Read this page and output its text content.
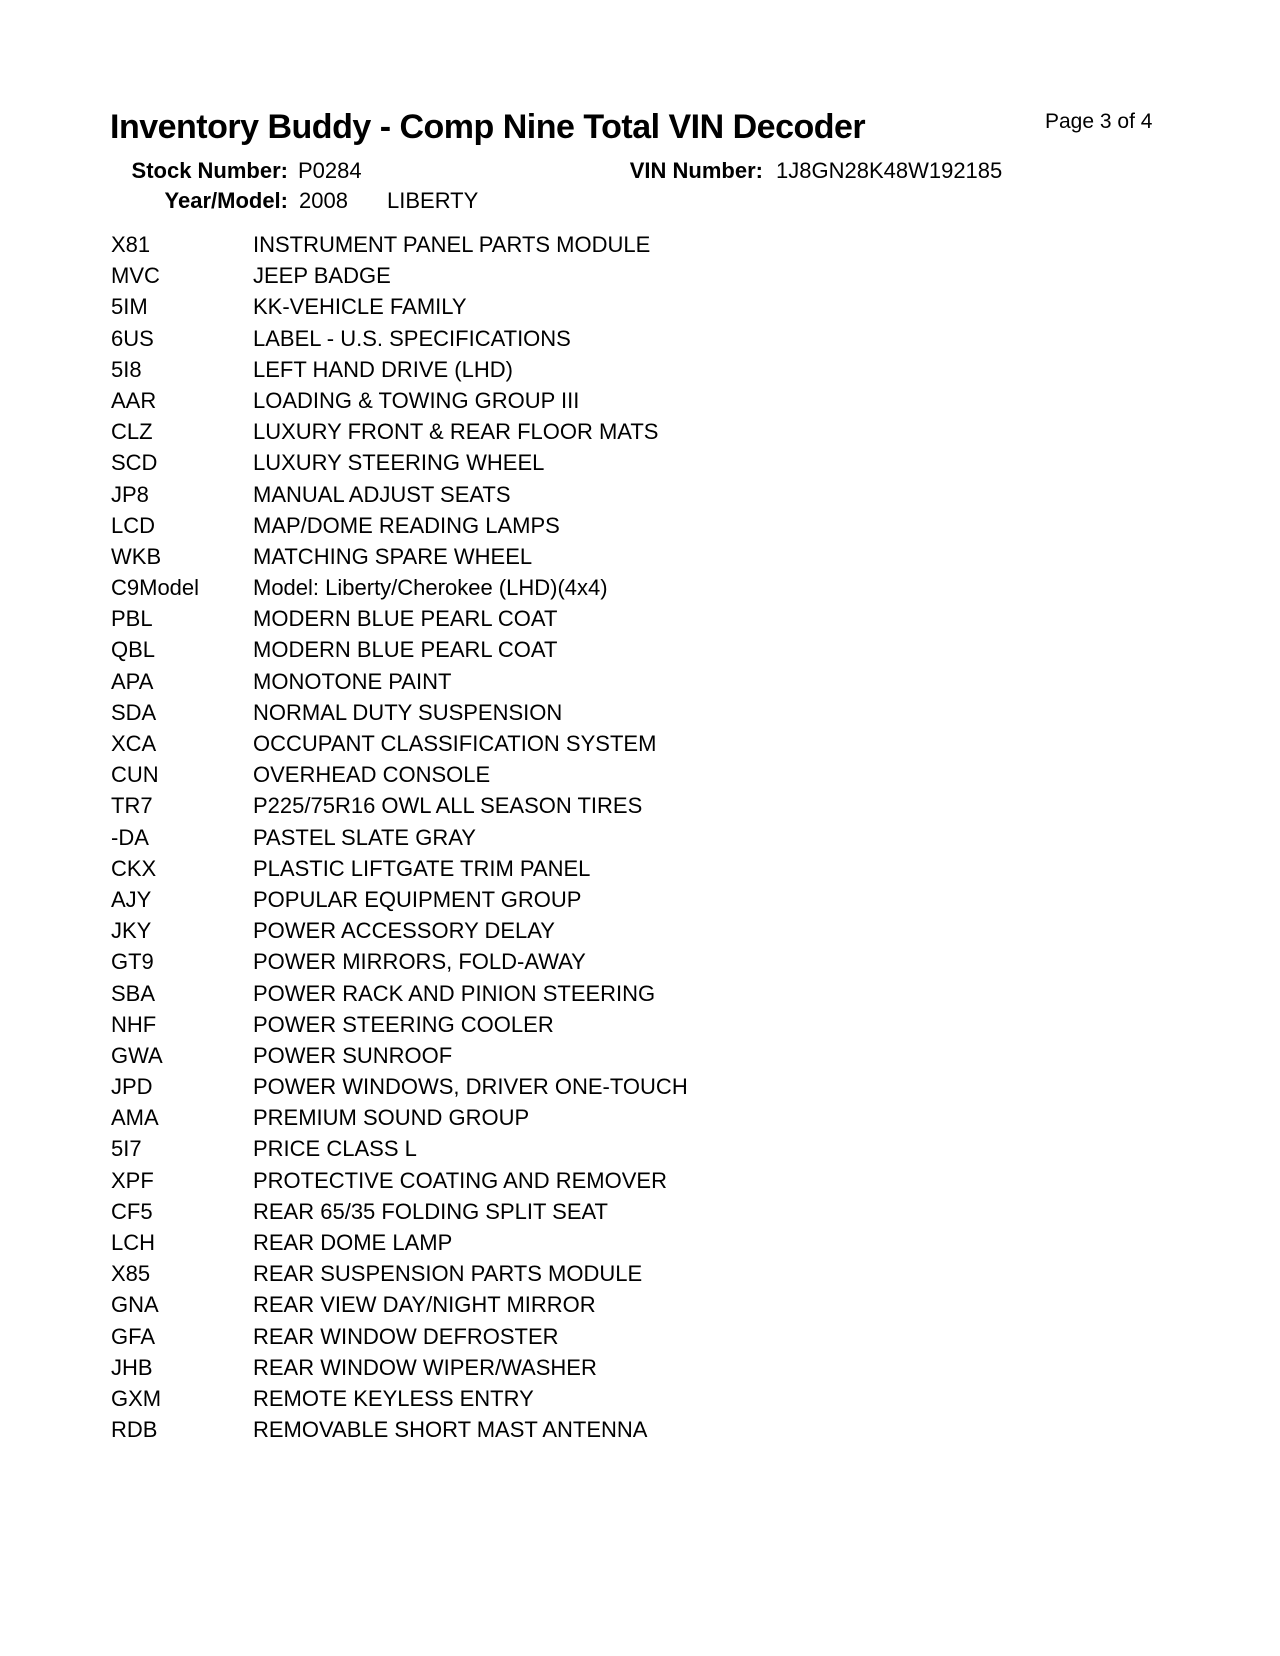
Inventory Buddy - Comp Nine Total VIN Decoder	Page 3 of 4
Stock Number: P0284	VIN Number: 1J8GN28K48W192185
Year/Model: 2008 LIBERTY
X81	INSTRUMENT PANEL PARTS MODULE
MVC	JEEP BADGE
5IM	KK-VEHICLE FAMILY
6US	LABEL - U.S. SPECIFICATIONS
5I8	LEFT HAND DRIVE (LHD)
AAR	LOADING & TOWING GROUP III
CLZ	LUXURY FRONT & REAR FLOOR MATS
SCD	LUXURY STEERING WHEEL
JP8	MANUAL ADJUST SEATS
LCD	MAP/DOME READING LAMPS
WKB	MATCHING SPARE WHEEL
C9Model	Model: Liberty/Cherokee (LHD)(4x4)
PBL	MODERN BLUE PEARL COAT
QBL	MODERN BLUE PEARL COAT
APA	MONOTONE PAINT
SDA	NORMAL DUTY SUSPENSION
XCA	OCCUPANT CLASSIFICATION SYSTEM
CUN	OVERHEAD CONSOLE
TR7	P225/75R16 OWL ALL SEASON TIRES
-DA	PASTEL SLATE GRAY
CKX	PLASTIC LIFTGATE TRIM PANEL
AJY	POPULAR EQUIPMENT GROUP
JKY	POWER ACCESSORY DELAY
GT9	POWER MIRRORS, FOLD-AWAY
SBA	POWER RACK AND PINION STEERING
NHF	POWER STEERING COOLER
GWA	POWER SUNROOF
JPD	POWER WINDOWS, DRIVER ONE-TOUCH
AMA	PREMIUM SOUND GROUP
5I7	PRICE CLASS L
XPF	PROTECTIVE COATING AND REMOVER
CF5	REAR 65/35 FOLDING SPLIT SEAT
LCH	REAR DOME LAMP
X85	REAR SUSPENSION PARTS MODULE
GNA	REAR VIEW DAY/NIGHT MIRROR
GFA	REAR WINDOW DEFROSTER
JHB	REAR WINDOW WIPER/WASHER
GXM	REMOTE KEYLESS ENTRY
RDB	REMOVABLE SHORT MAST ANTENNA
